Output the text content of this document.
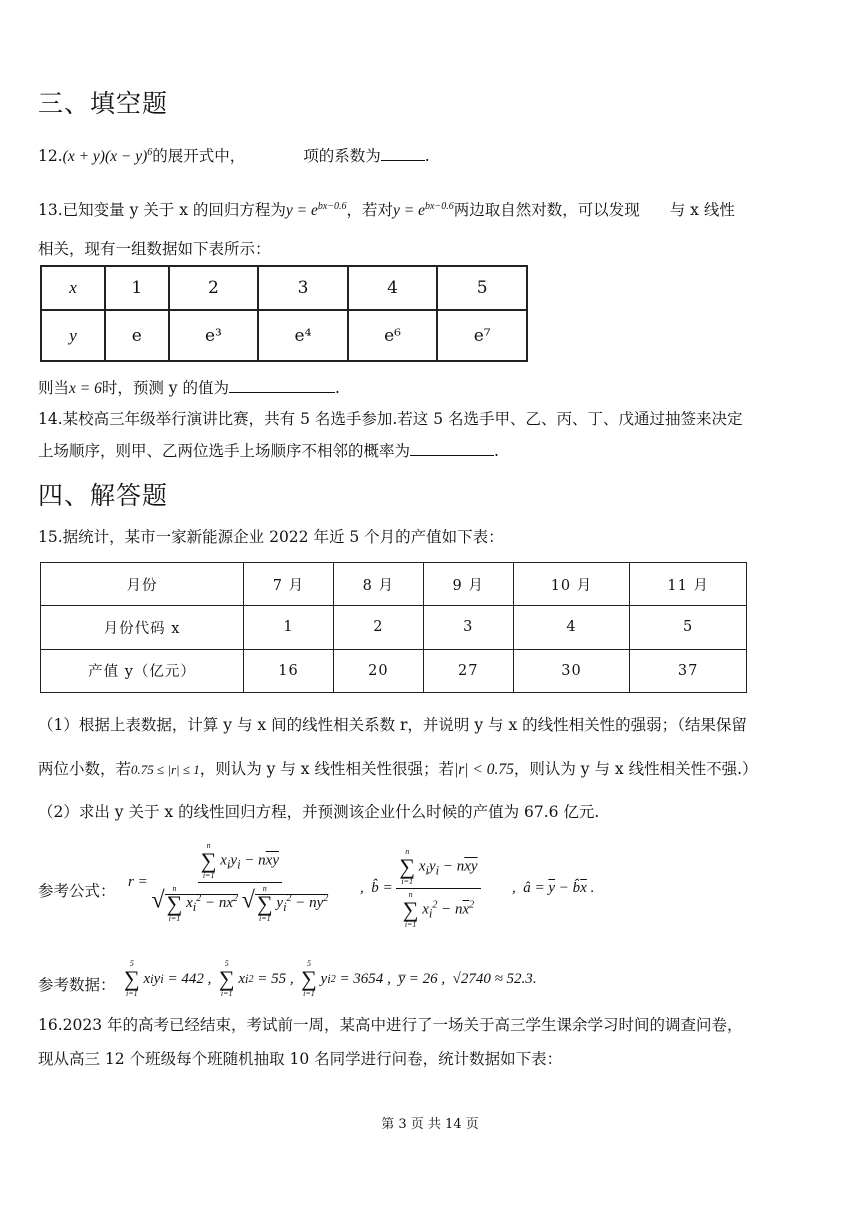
三、填空题
$12.(x + y)(x - y)^6$的展开式中，	项的系数为	.
13.已知变量 y 关于 x 的回归方程为$y = e^{bx-0.6}$，若对$y = e^{bx-0.6}$两边取自然对数，可以发现 与 x 线性
相关，现有一组数据如下表所示：
x	1	2	3	4	5
y	e	e³	e⁴	e⁶	e⁷
则当x = 6时，预测 y 的值为	.
14.某校高三年级举行演讲比赛，共有 5 名选手参加.若这 5 名选手甲、乙、丙、丁、戊通过抽签来决定
上场顺序，则甲、乙两位选手上场顺序不相邻的概率为	.
四、解答题
15.据统计，某市一家新能源企业 2022 年近 5 个月的产值如下表：
月份	7 月	8 月	9 月	10 月	11 月
月份代码 x	1	2	3	4	5
产值 y（亿元）	16	20	27	30	37
（1）根据上表数据，计算 y 与 x 间的线性相关系数 r，并说明 y 与 x 的线性相关性的强弱；（结果保留
两位小数，若0.75 ≤ |r| ≤ 1，则认为 y 与 x 线性相关性很强；若|r| < 0.75，则认为 y 与 x 线性相关性不强.）
（2）求出 y 关于 x 的线性回归方程，并预测该企业什么时候的产值为 67.6 亿元.
参考公式： r = n
∑
i=1
$x_iy_i - n\overline{xy}$
√ n
∑
i=1
$x_i^2 - n\overline{x}^2$ √ n
∑
i=1
$y_i^2 - n\overline{y}^2$ ,  b̂ = n
∑
i=1
$x_iy_i - n\overline{xy}$
n
∑
i=1
$x_i^2 - n\overline{x}^2$ ,  â = $\overline{y}$ − $b̂\overline{x}$ .
参考数据：
5
∑
i=1
x i y i
= 442 ,
5
∑
i=1
x i 2
= 55 ,
5
∑
i=1
y i 2
= 3654 , y̅ = 26 , √2740 ≈ 52.3 .
16.2023 年的高考已经结束，考试前一周，某高中进行了一场关于高三学生课余学习时间的调查问卷，
现从高三 12 个班级每个班随机抽取 10 名同学进行问卷，统计数据如下表：
第 3 页 共 14 页
